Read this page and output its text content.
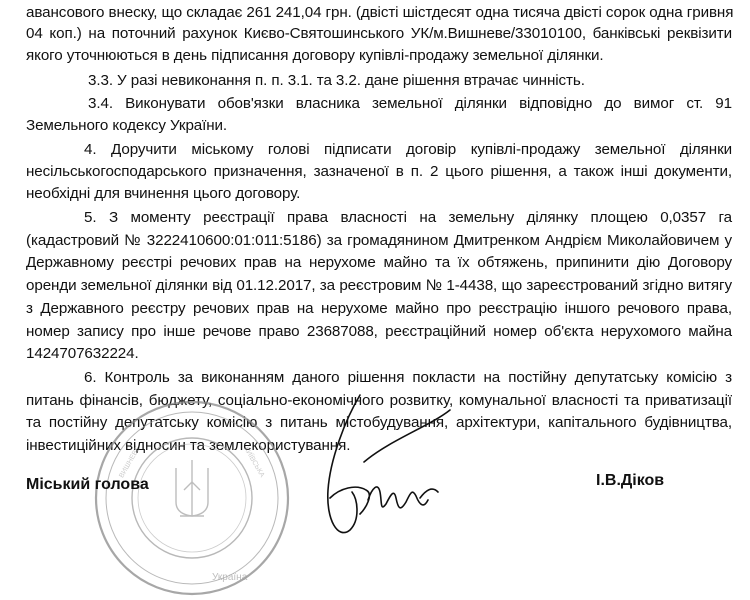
авансового внеску, що складає 261 241,04 грн. (двісті шістдесят одна тисяча двісті сорок одна гривня
04 коп.) на поточний рахунок Києво-Святошинського УК/м.Вишневе/33010100, банківські реквізити
якого уточнюються в день підписання договору купівлі-продажу земельної ділянки.
3.3. У разі невиконання п. п. 3.1. та 3.2. дане рішення втрачає чинність.
3.4. Виконувати обов'язки власника земельної ділянки відповідно до вимог ст. 91
Земельного кодексу України.
4. Доручити міському голові підписати договір купівлі-продажу земельної ділянки
несільськогосподарського призначення, зазначеної в п. 2 цього рішення, а також інші документи,
необхідні для вчинення цього договору.
5. З моменту реєстрації права власності на земельну ділянку площею 0,0357 га
(кадастровий № 3222410600:01:011:5186) за громадянином Дмитренком Андрієм Миколайовичем у
Державному реєстрі речових прав на нерухоме майно та їх обтяжень, припинити дію Договору
оренди земельної ділянки від 01.12.2017, за реєстровим № 1-4438, що зареєстрований згідно витягу
з Державного реєстру речових прав на нерухоме майно про реєстрацію іншого речового права,
номер запису про інше речове право 23687088, реєстраційний номер об'єкта нерухомого майна
1424707632224.
6. Контроль за виконанням даного рішення покласти на постійну депутатську комісію з
питань фінансів, бюджету, соціально-економічного розвитку, комунальної власності та приватизації
та постійну депутатську комісію з питань містобудування, архітектури, капітального будівництва,
інвестиційних відносин та землекористування.
ВИШНЕВЕ	КИЇВСЬКА
Україна
Міський голова	І.В.Діков
